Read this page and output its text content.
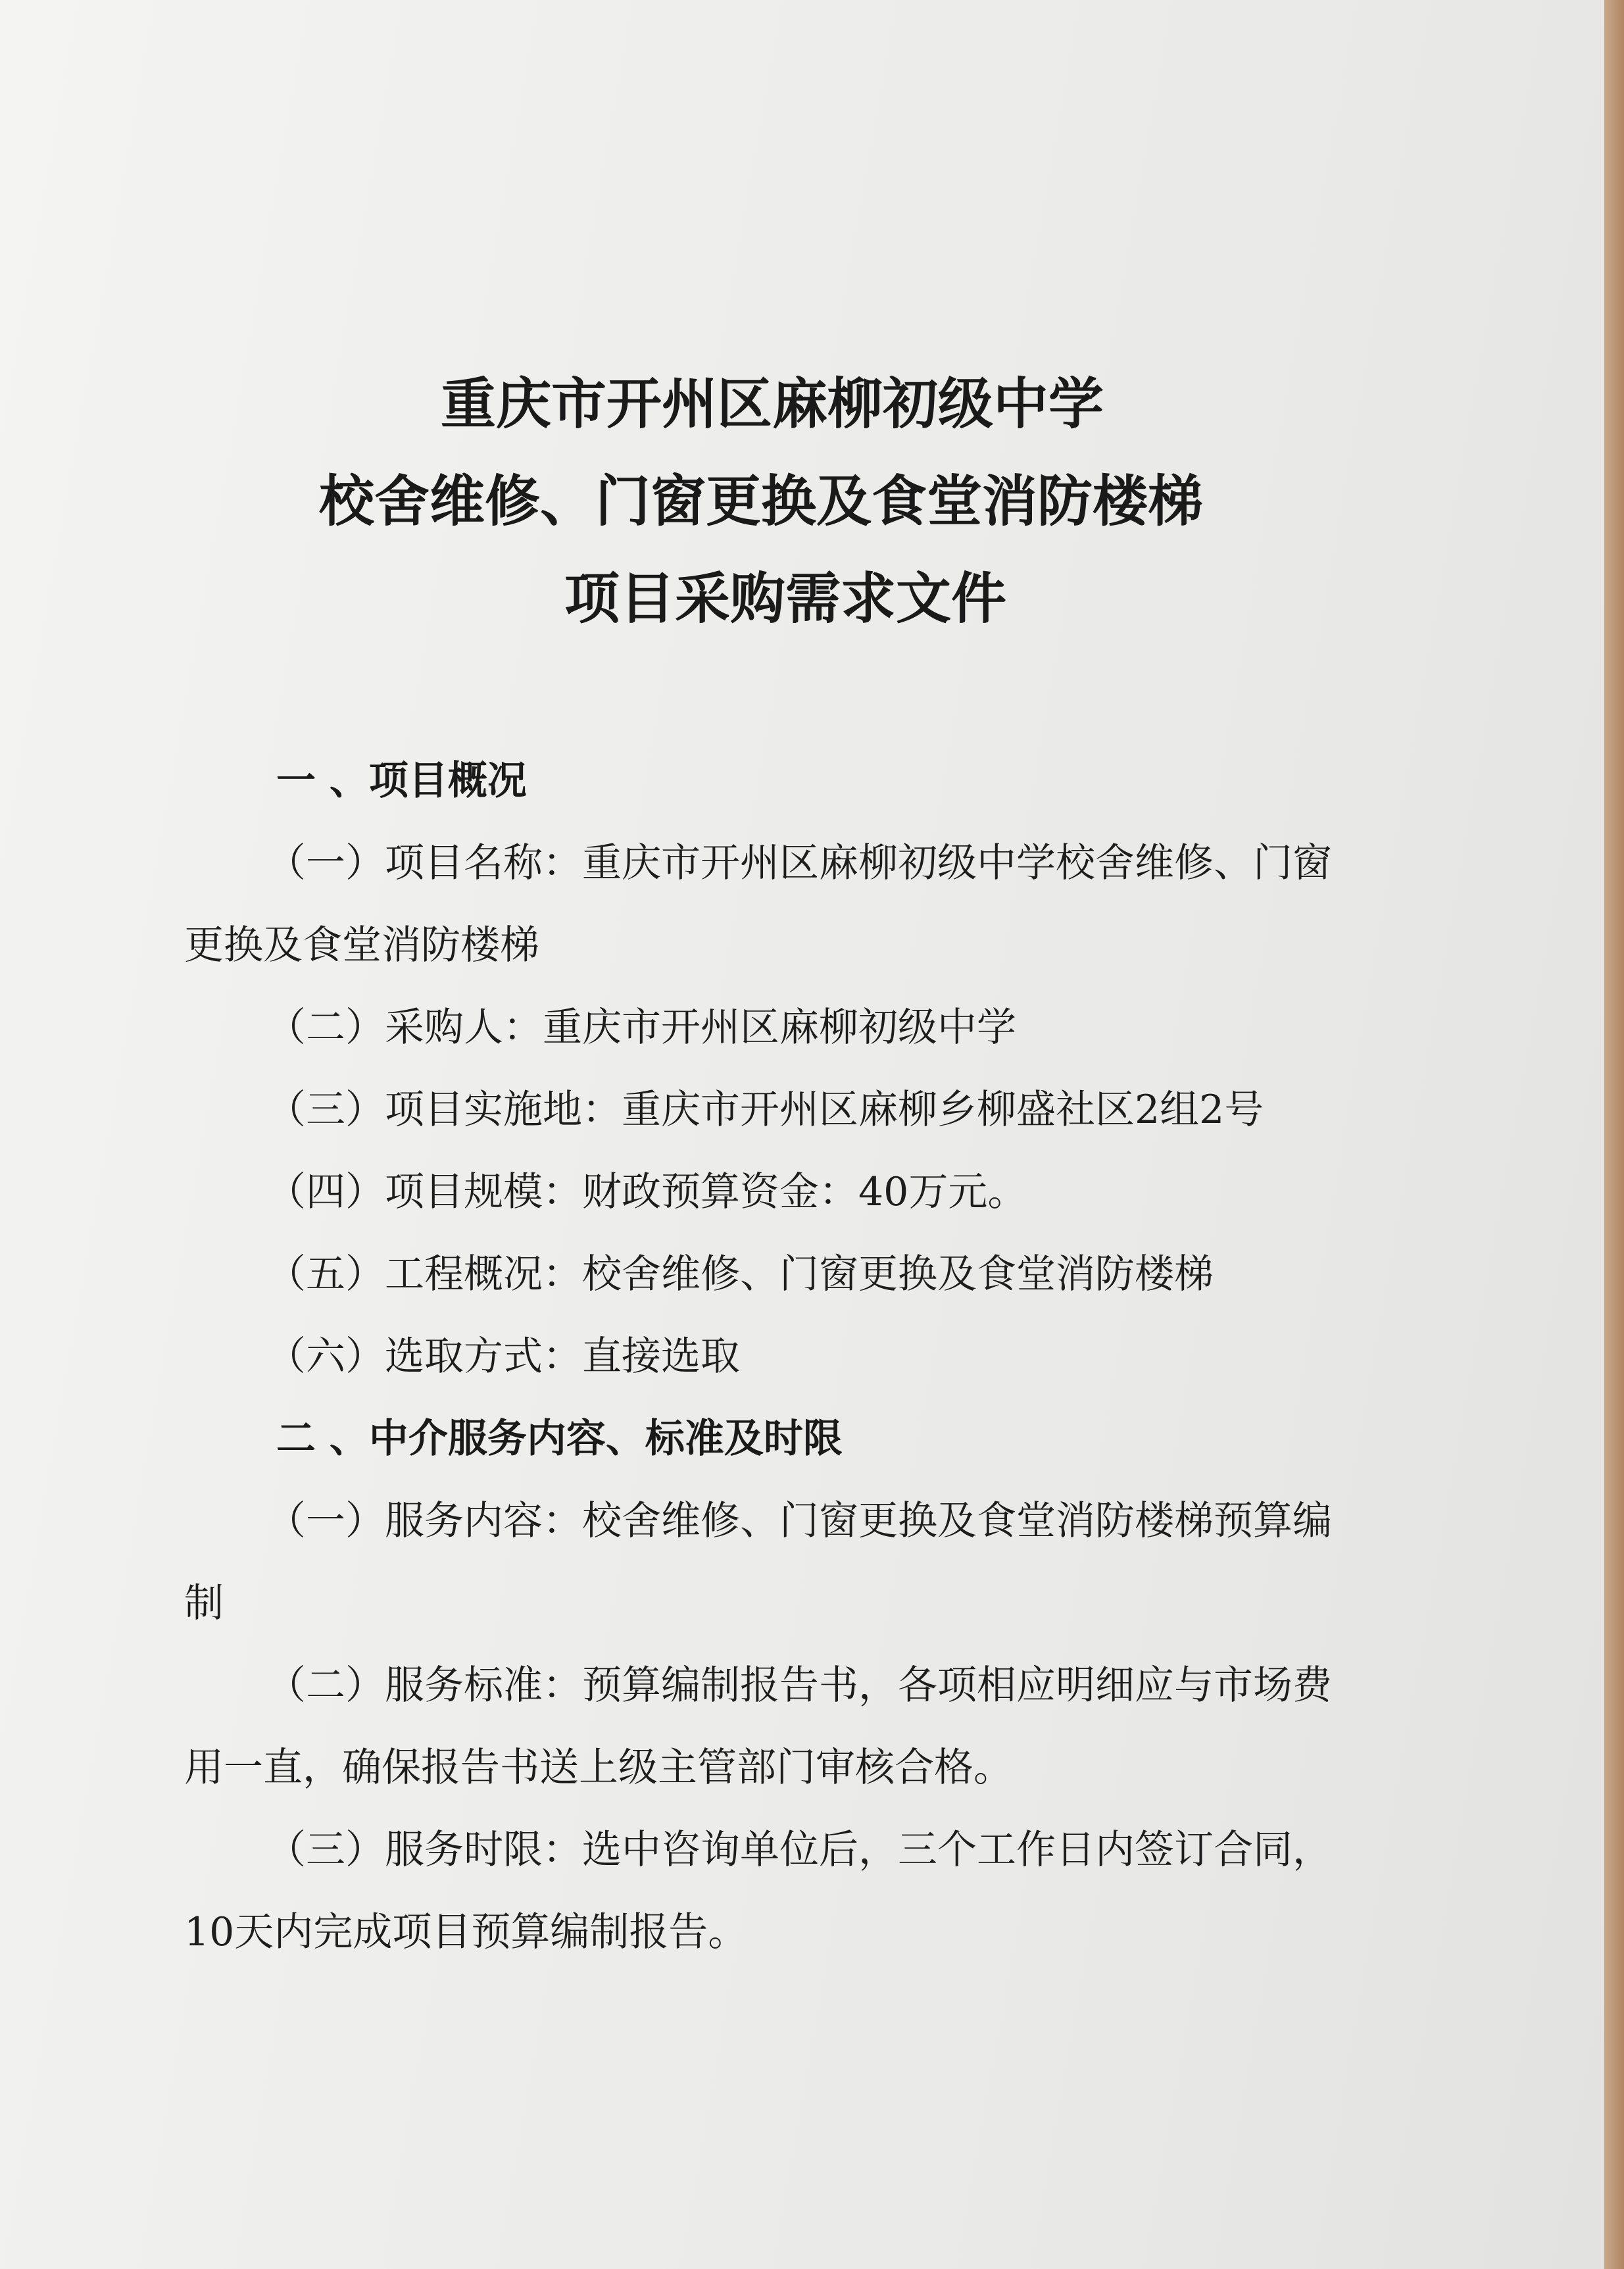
重庆市开州区麻柳初级中学
校舍维修、门窗更换及食堂消防楼梯
项目采购需求文件
一 、项目概况
（一）项目名称：重庆市开州区麻柳初级中学校舍维修、门窗
更换及食堂消防楼梯
（二）采购人：重庆市开州区麻柳初级中学
（三）项目实施地：重庆市开州区麻柳乡柳盛社区2组2号
（四）项目规模：财政预算资金：40万元。
（五）工程概况：校舍维修、门窗更换及食堂消防楼梯
（六）选取方式：直接选取
二 、中介服务内容、标准及时限
（一）服务内容：校舍维修、门窗更换及食堂消防楼梯预算编
制
（二）服务标准：预算编制报告书，各项相应明细应与市场费
用一直，确保报告书送上级主管部门审核合格。
（三）服务时限：选中咨询单位后，三个工作日内签订合同，
10天内完成项目预算编制报告。
